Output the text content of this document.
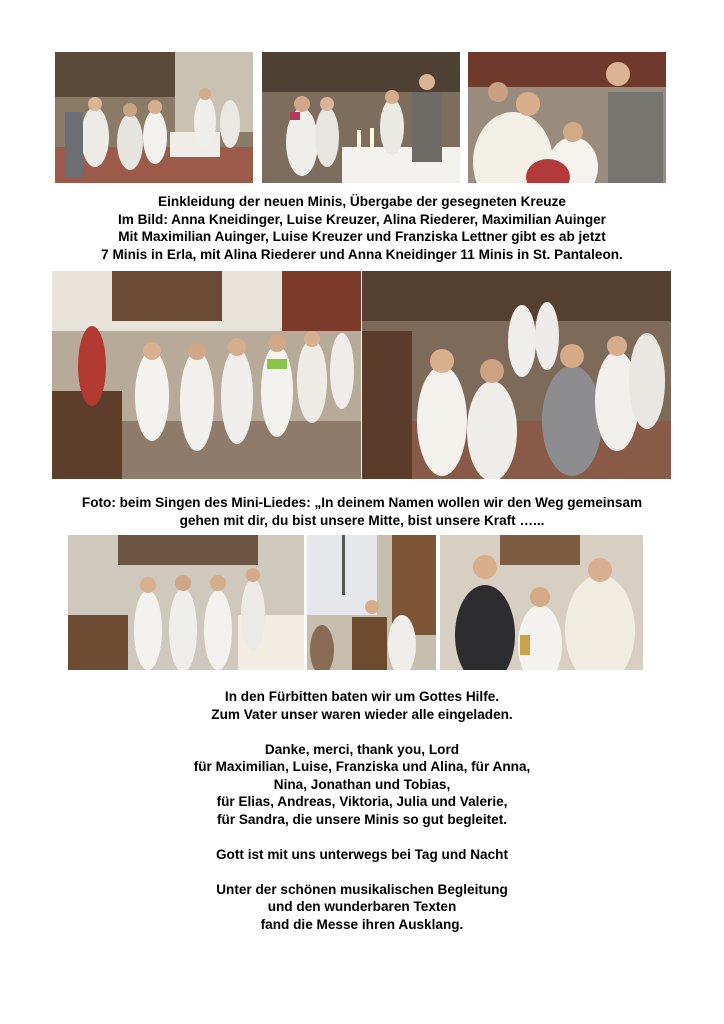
Einkleidung der neuen Minis, Übergabe der gesegneten Kreuze
Im Bild: Anna Kneidinger, Luise Kreuzer, Alina Riederer, Maximilian Auinger
Mit Maximilian Auinger, Luise Kreuzer und Franziska Lettner gibt es ab jetzt
7 Minis in Erla, mit Alina Riederer und Anna Kneidinger 11 Minis in St. Pantaleon.
Foto: beim Singen des Mini-Liedes: „In deinem Namen wollen wir den Weg gemeinsam
gehen mit dir, du bist unsere Mitte, bist unsere Kraft …...
In den Fürbitten baten wir um Gottes Hilfe.
Zum Vater unser waren wieder alle eingeladen.
Danke, merci, thank you, Lord
für Maximilian, Luise, Franziska und Alina, für Anna,
Nina, Jonathan und Tobias,
für Elias, Andreas, Viktoria, Julia und Valerie,
für Sandra, die unsere Minis so gut begleitet.
Gott ist mit uns unterwegs bei Tag und Nacht
Unter der schönen musikalischen Begleitung
und den wunderbaren Texten
fand die Messe ihren Ausklang.
